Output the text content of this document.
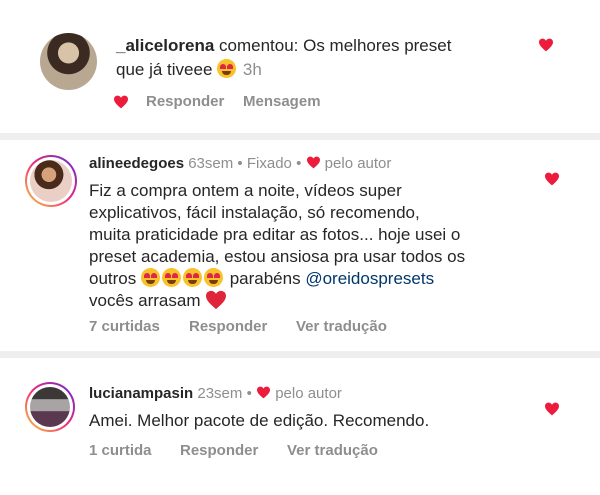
_alicelorena comentou: Os melhores preset
que já tiveee 3h
Responder Mensagem
alineedegoes 63sem • Fixado • pelo autor
Fiz a compra ontem a noite, vídeos super
explicativos, fácil instalação, só recomendo,
muita praticidade pra editar as fotos... hoje usei o
preset academia, estou ansiosa pra usar todos os
outros	parabéns @oreidospresets
vocês arrasam
7 curtidas Responder Ver tradução
lucianampasin 23sem • pelo autor
Amei. Melhor pacote de edição. Recomendo.
1 curtida Responder Ver tradução
